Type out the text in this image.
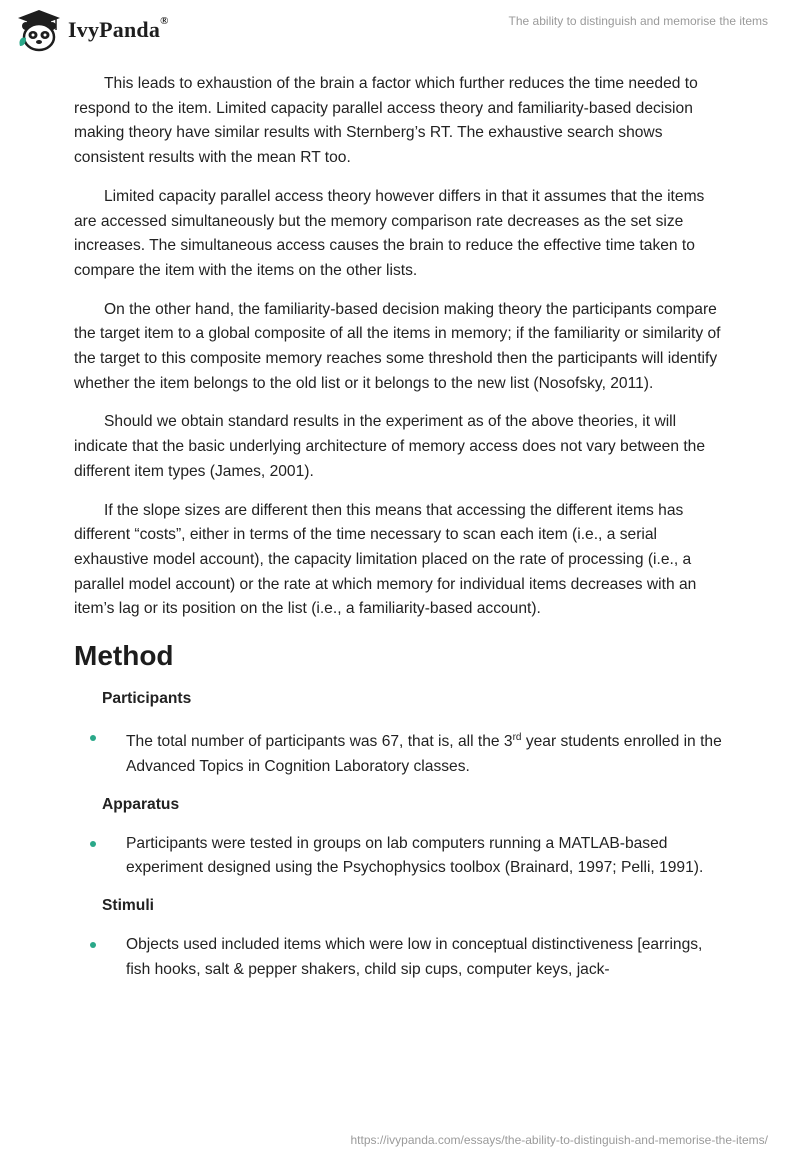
IvyPanda®	The ability to distinguish and memorise the items

This leads to exhaustion of the brain a factor which further reduces the time needed to respond to the item. Limited capacity parallel access theory and familiarity-based decision making theory have similar results with Sternberg’s RT. The exhaustive search shows consistent results with the mean RT too.

Limited capacity parallel access theory however differs in that it assumes that the items are accessed simultaneously but the memory comparison rate decreases as the set size increases. The simultaneous access causes the brain to reduce the effective time taken to compare the item with the items on the other lists.

On the other hand, the familiarity-based decision making theory the participants compare the target item to a global composite of all the items in memory; if the familiarity or similarity of the target to this composite memory reaches some threshold then the participants will identify whether the item belongs to the old list or it belongs to the new list (Nosofsky, 2011).

Should we obtain standard results in the experiment as of the above theories, it will indicate that the basic underlying architecture of memory access does not vary between the different item types (James, 2001).

If the slope sizes are different then this means that accessing the different items has different “costs”, either in terms of the time necessary to scan each item (i.e., a serial exhaustive model account), the capacity limitation placed on the rate of processing (i.e., a parallel model account) or the rate at which memory for individual items decreases with an item’s lag or its position on the list (i.e., a familiarity-based account).

Method
Participants
The total number of participants was 67, that is, all the 3rd year students enrolled in the Advanced Topics in Cognition Laboratory classes.
Apparatus
Participants were tested in groups on lab computers running a MATLAB-based experiment designed using the Psychophysics toolbox (Brainard, 1997; Pelli, 1991).
Stimuli
Objects used included items which were low in conceptual distinctiveness [earrings, fish hooks, salt & pepper shakers, child sip cups, computer keys, jack-
https://ivypanda.com/essays/the-ability-to-distinguish-and-memorise-the-items/
